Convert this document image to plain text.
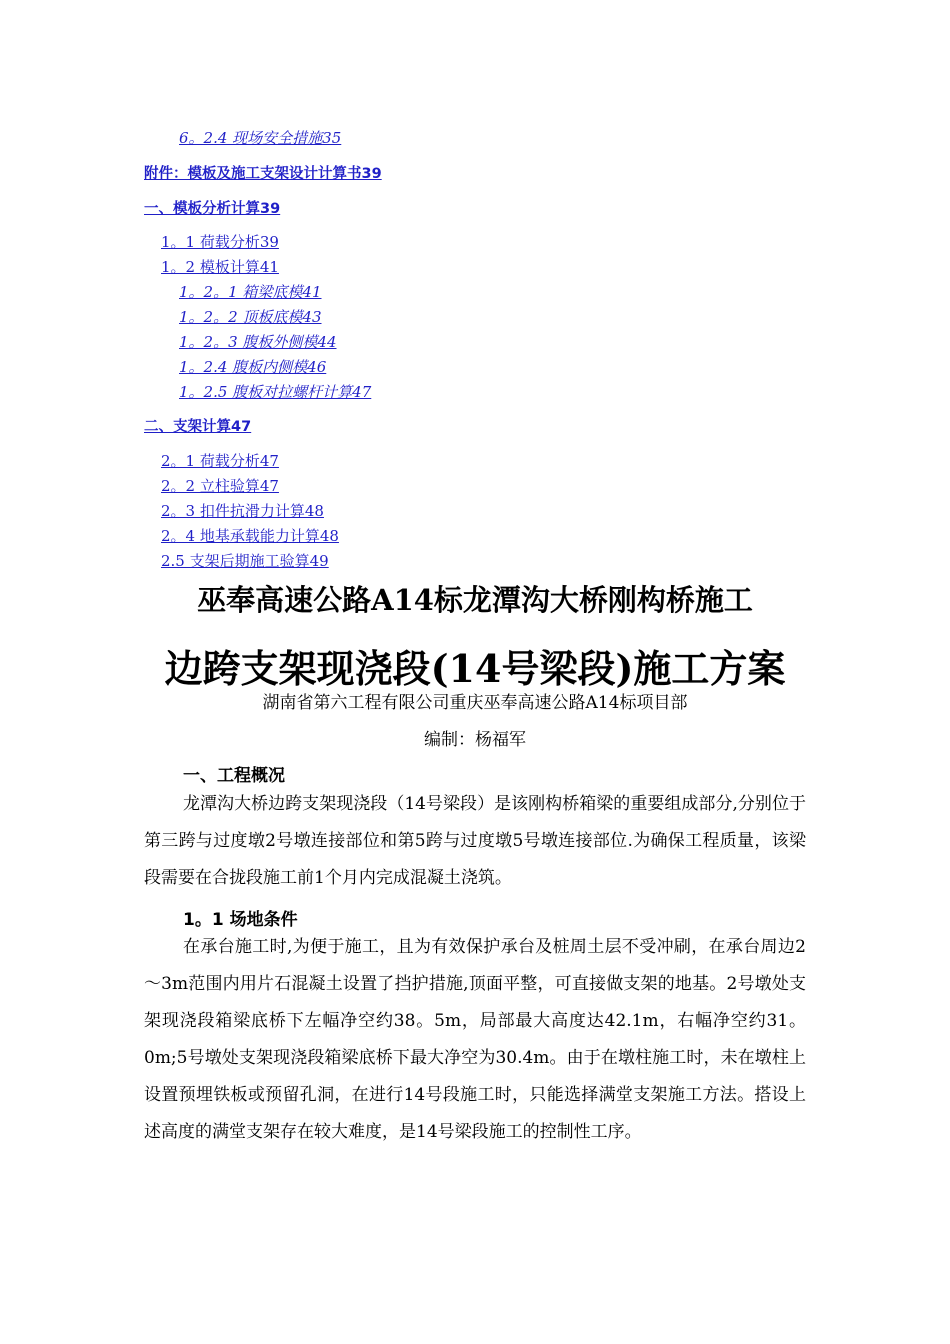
6。2.4 现场安全措施35
附件：模板及施工支架设计计算书39
一、模板分析计算39
1。1 荷载分析39
1。2 模板计算41
1。2。1 箱梁底模41
1。2。2 顶板底模43
1。2。3 腹板外侧模44
1。2.4 腹板内侧模46
1。2.5 腹板对拉螺杆计算47
二、支架计算47
2。1 荷载分析47
2。2 立柱验算47
2。3 扣件抗滑力计算48
2。4 地基承载能力计算48
2.5 支架后期施工验算49
巫奉高速公路A14标龙潭沟大桥刚构桥施工
边跨支架现浇段(14号梁段)施工方案
湖南省第六工程有限公司重庆巫奉高速公路A14标项目部
编制：杨福军
一、工程概况

龙潭沟大桥边跨支架现浇段（14号梁段）是该刚构桥箱梁的重要组成部分,分别位于第三跨与过度墩2号墩连接部位和第5跨与过度墩5号墩连接部位.为确保工程质量，该梁段需要在合拢段施工前1个月内完成混凝土浇筑。

1。1 场地条件

在承台施工时,为便于施工，且为有效保护承台及桩周土层不受冲刷，在承台周边2～3m范围内用片石混凝土设置了挡护措施,顶面平整，可直接做支架的地基。2号墩处支架现浇段箱梁底桥下左幅净空约38。5m，局部最大高度达42.1m，右幅净空约31。0m;5号墩处支架现浇段箱梁底桥下最大净空为30.4m。由于在墩柱施工时，未在墩柱上设置预埋铁板或预留孔洞，在进行14号段施工时，只能选择满堂支架施工方法。搭设上述高度的满堂支架存在较大难度，是14号梁段施工的控制性工序。
